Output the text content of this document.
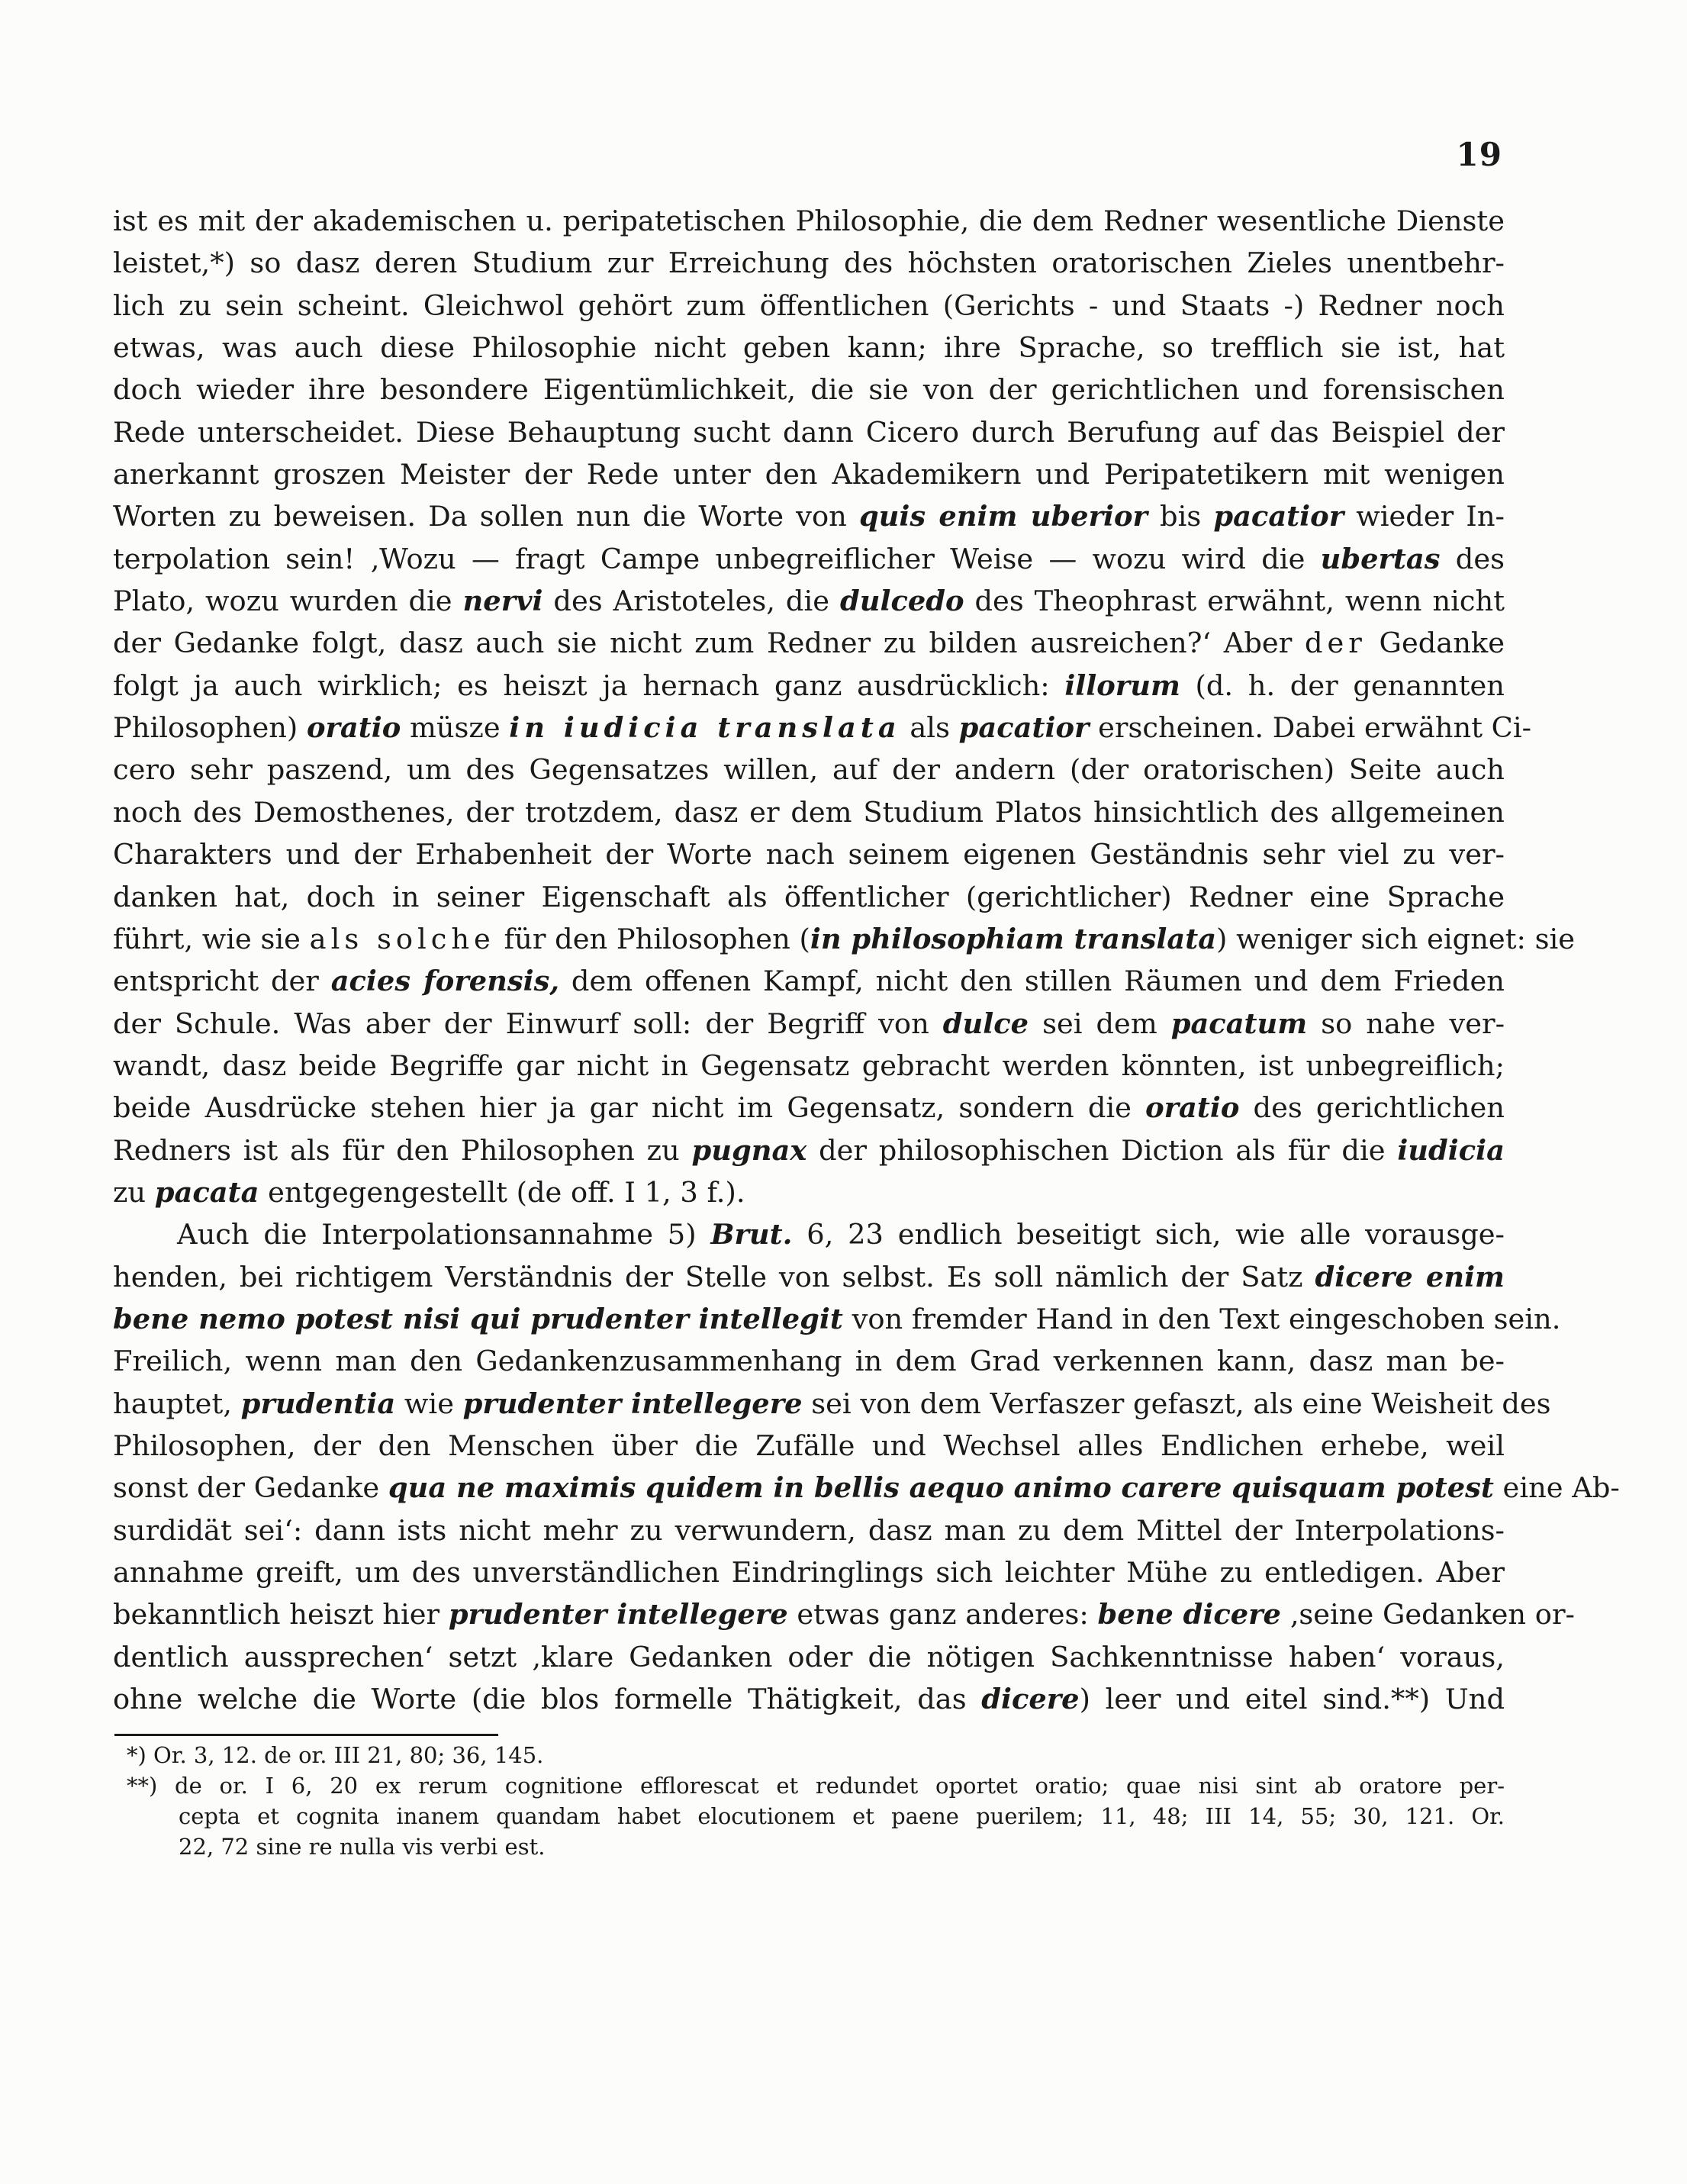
19
ist es mit der akademischen u. peripatetischen Philosophie, die dem Redner wesentliche Dienste
leistet,*) so dasz deren Studium zur Erreichung des höchsten oratorischen Zieles unentbehr-
lich zu sein scheint. Gleichwol gehört zum öffentlichen (Gerichts - und Staats -) Redner noch
etwas, was auch diese Philosophie nicht geben kann; ihre Sprache, so trefflich sie ist, hat
doch wieder ihre besondere Eigentümlichkeit, die sie von der gerichtlichen und forensischen
Rede unterscheidet. Diese Behauptung sucht dann Cicero durch Berufung auf das Beispiel der
anerkannt groszen Meister der Rede unter den Akademikern und Peripatetikern mit wenigen
Worten zu beweisen. Da sollen nun die Worte von quis enim uberior bis pacatior wieder In-
terpolation sein! ‚Wozu — fragt Campe unbegreiflicher Weise — wozu wird die ubertas des
Plato, wozu wurden die nervi des Aristoteles, die dulcedo des Theophrast erwähnt, wenn nicht
der Gedanke folgt, dasz auch sie nicht zum Redner zu bilden ausreichen?‘ Aber der Gedanke
folgt ja auch wirklich; es heiszt ja hernach ganz ausdrücklich: illorum (d. h. der genannten
Philosophen) oratio müsze in iudicia translata als pacatior erscheinen. Dabei erwähnt Ci-
cero sehr paszend, um des Gegensatzes willen, auf der andern (der oratorischen) Seite auch
noch des Demosthenes, der trotzdem, dasz er dem Studium Platos hinsichtlich des allgemeinen
Charakters und der Erhabenheit der Worte nach seinem eigenen Geständnis sehr viel zu ver-
danken hat, doch in seiner Eigenschaft als öffentlicher (gerichtlicher) Redner eine Sprache
führt, wie sie als solche für den Philosophen (in philosophiam translata) weniger sich eignet: sie
entspricht der acies forensis, dem offenen Kampf, nicht den stillen Räumen und dem Frieden
der Schule. Was aber der Einwurf soll: der Begriff von dulce sei dem pacatum so nahe ver-
wandt, dasz beide Begriffe gar nicht in Gegensatz gebracht werden könnten, ist unbegreiflich;
beide Ausdrücke stehen hier ja gar nicht im Gegensatz, sondern die oratio des gerichtlichen
Redners ist als für den Philosophen zu pugnax der philosophischen Diction als für die iudicia
zu pacata entgegengestellt (de off. I 1, 3 f.).
Auch die Interpolationsannahme 5) Brut. 6, 23 endlich beseitigt sich, wie alle vorausge-
henden, bei richtigem Verständnis der Stelle von selbst. Es soll nämlich der Satz dicere enim
bene nemo potest nisi qui prudenter intellegit von fremder Hand in den Text eingeschoben sein.
Freilich, wenn man den Gedankenzusammenhang in dem Grad verkennen kann, dasz man be-
hauptet, prudentia wie prudenter intellegere sei von dem Verfaszer gefaszt, als eine Weisheit des
Philosophen, der den Menschen über die Zufälle und Wechsel alles Endlichen erhebe, weil
sonst der Gedanke qua ne maximis quidem in bellis aequo animo carere quisquam potest eine Ab-
surdidät sei‘: dann ists nicht mehr zu verwundern, dasz man zu dem Mittel der Interpolations-
annahme greift, um des unverständlichen Eindringlings sich leichter Mühe zu entledigen. Aber
bekanntlich heiszt hier prudenter intellegere etwas ganz anderes: bene dicere ‚seine Gedanken or-
dentlich aussprechen‘ setzt ‚klare Gedanken oder die nötigen Sachkenntnisse haben‘ voraus,
ohne welche die Worte (die blos formelle Thätigkeit, das dicere) leer und eitel sind.**) Und
*) Or. 3, 12. de or. III 21, 80; 36, 145.
**) de or. I 6, 20 ex rerum cognitione efflorescat et redundet oportet oratio; quae nisi sint ab oratore per-
cepta et cognita inanem quandam habet elocutionem et paene puerilem; 11, 48; III 14, 55; 30, 121. Or.
22, 72 sine re nulla vis verbi est.
